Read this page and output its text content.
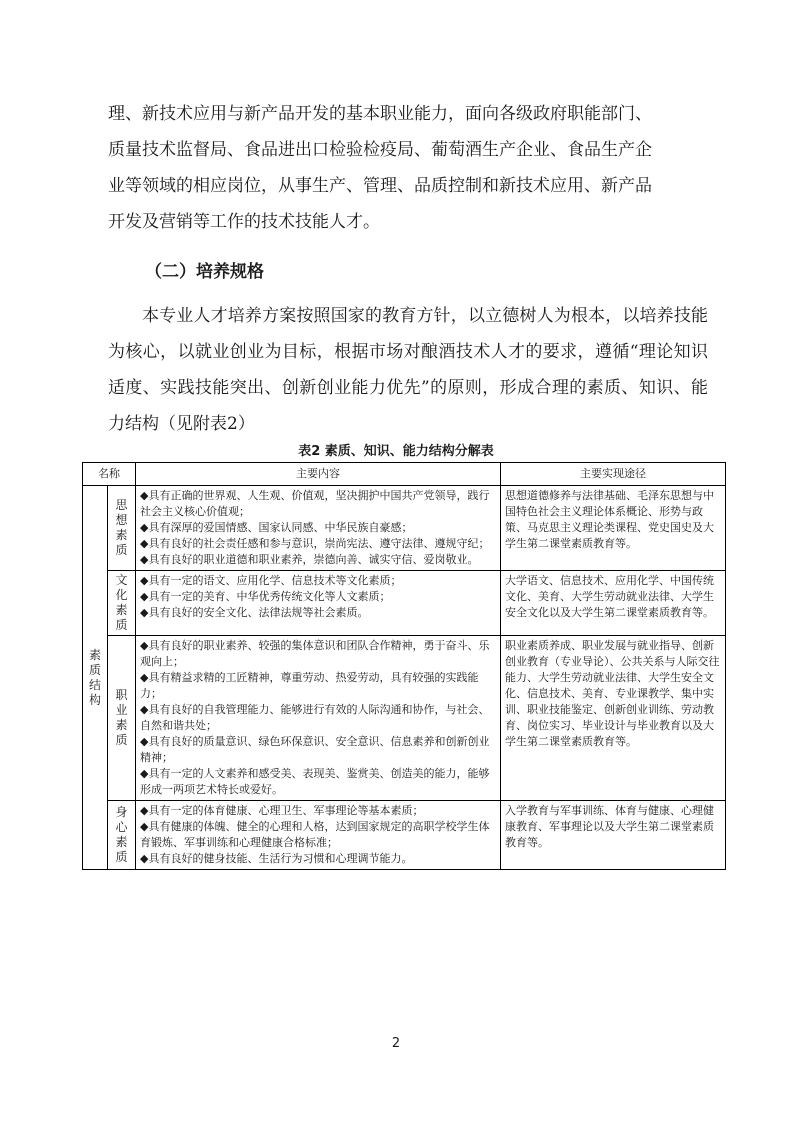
理、新技术应用与新产品开发的基本职业能力，面向各级政府职能部门、

质量技术监督局、食品进出口检验检疫局、葡萄酒生产企业、食品生产企

业等领域的相应岗位，从事生产、管理、品质控制和新技术应用、新产品

开发及营销等工作的技术技能人才。

（二）培养规格

本专业人才培养方案按照国家的教育方针，以立德树人为根本，以培养技能为核心，以就业创业为目标，根据市场对酿酒技术人才的要求，遵循“理论知识适度、实践技能突出、创新创业能力优先”的原则，形成合理的素质、知识、能力结构（见附表2）

表2 素质、知识、能力结构分解表
名称		主要内容	主要实现途径
素质结构	思想素质	◆具有正确的世界观、人生观、价值观，坚决拥护中国共产党领导，践行社会主义核心价值观；
◆具有深厚的爱国情感、国家认同感、中华民族自豪感；
◆具有良好的社会责任感和参与意识，崇尚宪法、遵守法律、遵规守纪；
◆具有良好的职业道德和职业素养，崇德向善、诚实守信、爱岗敬业。	思想道德修养与法律基础、毛泽东思想与中国特色社会主义理论体系概论、形势与政策、马克思主义理论类课程、党史国史及大学生第二课堂素质教育等。
	文化素质	◆具有一定的语文、应用化学、信息技术等文化素质；
◆具有一定的美育、中华优秀传统文化等人文素质；
◆具有良好的安全文化、法律法规等社会素质。	大学语文、信息技术、应用化学、中国传统文化、美育、大学生劳动就业法律、大学生安全文化以及大学生第二课堂素质教育等。
	职业素质	◆具有良好的职业素养、较强的集体意识和团队合作精神，勇于奋斗、乐观向上；
◆具有精益求精的工匠精神，尊重劳动、热爱劳动，具有较强的实践能力；
◆具有良好的自我管理能力、能够进行有效的人际沟通和协作，与社会、自然和谐共处；
◆具有良好的质量意识、绿色环保意识、安全意识、信息素养和创新创业精神；
◆具有一定的人文素养和感受美、表现美、鉴赏美、创造美的能力，能够形成一两项艺术特长或爱好。	职业素质养成、职业发展与就业指导、创新创业教育（专业导论）、公共关系与人际交往能力、大学生劳动就业法律、大学生安全文化、信息技术、美育、专业课教学、集中实训、职业技能鉴定、创新创业训练、劳动教育、岗位实习、毕业设计与毕业教育以及大学生第二课堂素质教育等。
	身心素质	◆具有一定的体育健康、心理卫生、军事理论等基本素质；
◆具有健康的体魄、健全的心理和人格，达到国家规定的高职学校学生体育锻炼、军事训练和心理健康合格标准；
◆具有良好的健身技能、生活行为习惯和心理调节能力。	入学教育与军事训练、体育与健康、心理健康教育、军事理论以及大学生第二课堂素质教育等。
2
